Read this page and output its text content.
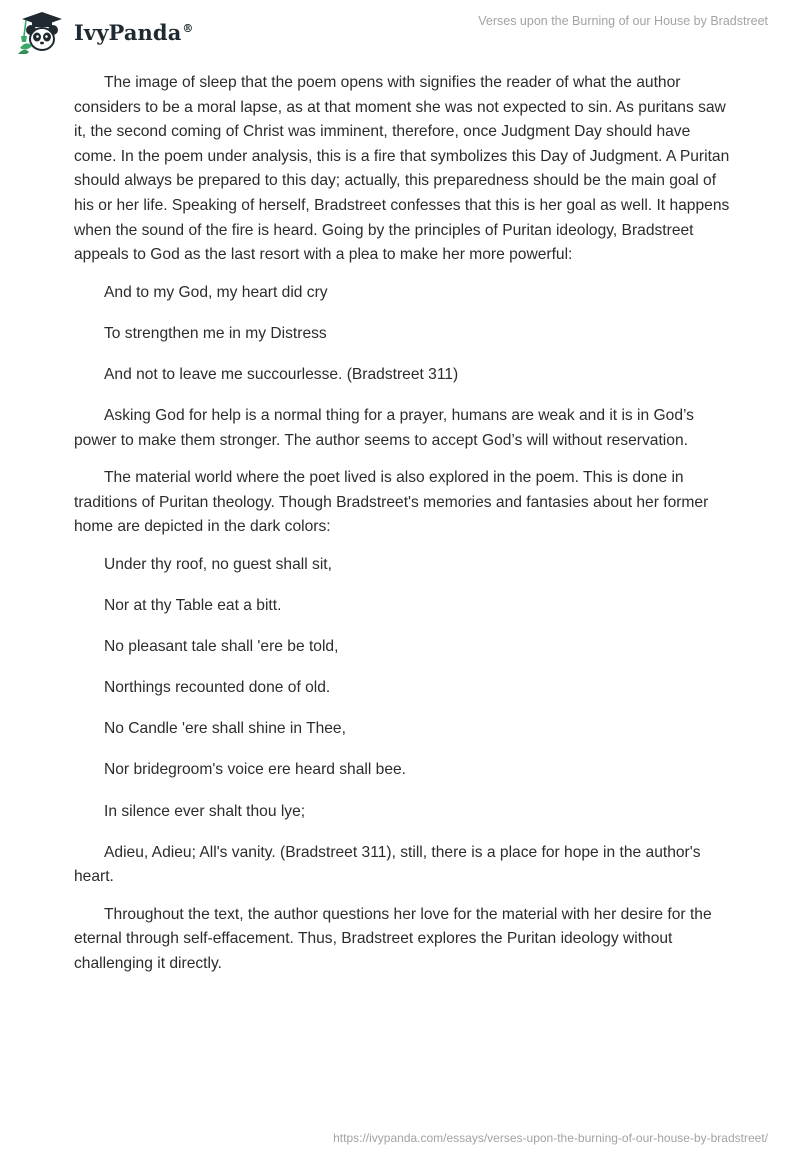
IvyPanda®	Verses upon the Burning of our House by Bradstreet

The image of sleep that the poem opens with signifies the reader of what the author considers to be a moral lapse, as at that moment she was not expected to sin. As puritans saw it, the second coming of Christ was imminent, therefore, once Judgment Day should have come. In the poem under analysis, this is a fire that symbolizes this Day of Judgment. A Puritan should always be prepared to this day; actually, this preparedness should be the main goal of his or her life. Speaking of herself, Bradstreet confesses that this is her goal as well. It happens when the sound of the fire is heard. Going by the principles of Puritan ideology, Bradstreet appeals to God as the last resort with a plea to make her more powerful:

And to my God, my heart did cry

To strengthen me in my Distress

And not to leave me succourlesse. (Bradstreet 311)

Asking God for help is a normal thing for a prayer, humans are weak and it is in God’s power to make them stronger. The author seems to accept God’s will without reservation.

The material world where the poet lived is also explored in the poem. This is done in traditions of Puritan theology. Though Bradstreet's memories and fantasies about her former home are depicted in the dark colors:

Under thy roof, no guest shall sit,

Nor at thy Table eat a bitt.

No pleasant tale shall 'ere be told,

Northings recounted done of old.

No Candle 'ere shall shine in Thee,

Nor bridegroom's voice ere heard shall bee.

In silence ever shalt thou lye;

Adieu, Adieu; All's vanity. (Bradstreet 311), still, there is a place for hope in the author's heart.

Throughout the text, the author questions her love for the material with her desire for the eternal through self-effacement. Thus, Bradstreet explores the Puritan ideology without challenging it directly.

https://ivypanda.com/essays/verses-upon-the-burning-of-our-house-by-bradstreet/
